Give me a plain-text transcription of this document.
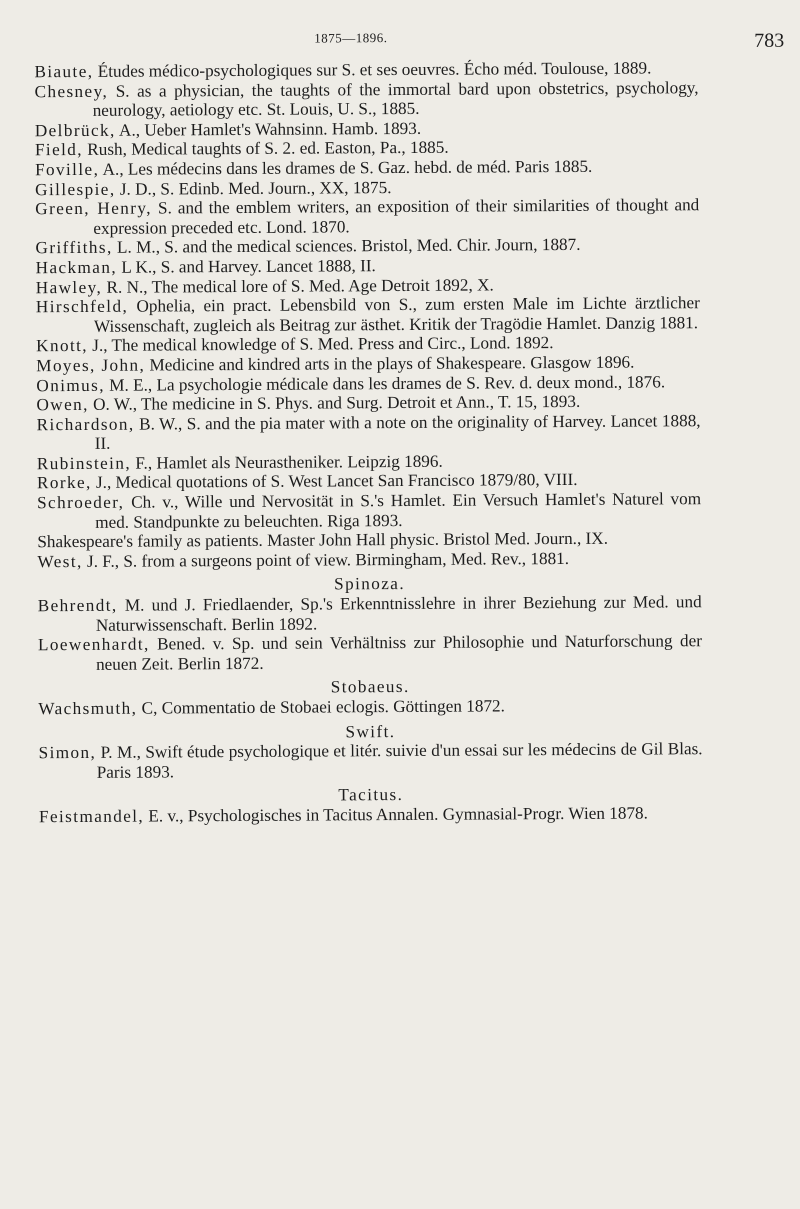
1875—1896.	783

Biaute, Études médico-psychologiques sur S. et ses oeuvres. Écho méd. Toulouse, 1889.

Chesney, S. as a physician, the taughts of the immortal bard upon obstetrics, psychology, neurology, aetiology etc. St. Louis, U. S., 1885.

Delbrück, A., Ueber Hamlet's Wahnsinn. Hamb. 1893.

Field, Rush, Medical taughts of S. 2. ed. Easton, Pa., 1885.

Foville, A., Les médecins dans les drames de S. Gaz. hebd. de méd. Paris 1885.

Gillespie, J. D., S. Edinb. Med. Journ., XX, 1875.

Green, Henry, S. and the emblem writers, an exposition of their similarities of thought and expression preceded etc. Lond. 1870.

Griffiths, L. M., S. and the medical sciences. Bristol, Med. Chir. Journ, 1887.

Hackman, L K., S. and Harvey. Lancet 1888, II.

Hawley, R. N., The medical lore of S. Med. Age Detroit 1892, X.

Hirschfeld, Ophelia, ein pract. Lebensbild von S., zum ersten Male im Lichte ärztlicher Wissenschaft, zugleich als Beitrag zur ästhet. Kritik der Tragödie Hamlet. Danzig 1881.

Knott, J., The medical knowledge of S. Med. Press and Circ., Lond. 1892.

Moyes, John, Medicine and kindred arts in the plays of Shakespeare. Glasgow 1896.

Onimus, M. E., La psychologie médicale dans les drames de S. Rev. d. deux mond., 1876.

Owen, O. W., The medicine in S. Phys. and Surg. Detroit et Ann., T. 15, 1893.

Richardson, B. W., S. and the pia mater with a note on the originality of Harvey. Lancet 1888, II.

Rubinstein, F., Hamlet als Neurastheniker. Leipzig 1896.

Rorke, J., Medical quotations of S. West Lancet San Francisco 1879/80, VIII.

Schroeder, Ch. v., Wille und Nervosität in S.'s Hamlet. Ein Versuch Hamlet's Naturel vom med. Standpunkte zu beleuchten. Riga 1893.

Shakespeare's family as patients. Master John Hall physic. Bristol Med. Journ., IX.

West, J. F., S. from a surgeons point of view. Birmingham, Med. Rev., 1881.

Spinoza.

Behrendt, M. und J. Friedlaender, Sp.'s Erkenntnisslehre in ihrer Beziehung zur Med. und Naturwissenschaft. Berlin 1892.

Loewenhardt, Bened. v. Sp. und sein Verhältniss zur Philosophie und Naturforschung der neuen Zeit. Berlin 1872.

Stobaeus.

Wachsmuth, C, Commentatio de Stobaei eclogis. Göttingen 1872.

Swift.

Simon, P. M., Swift étude psychologique et litér. suivie d'un essai sur les médecins de Gil Blas. Paris 1893.

Tacitus.

Feistmandel, E. v., Psychologisches in Tacitus Annalen. Gymnasial-Progr. Wien 1878.
